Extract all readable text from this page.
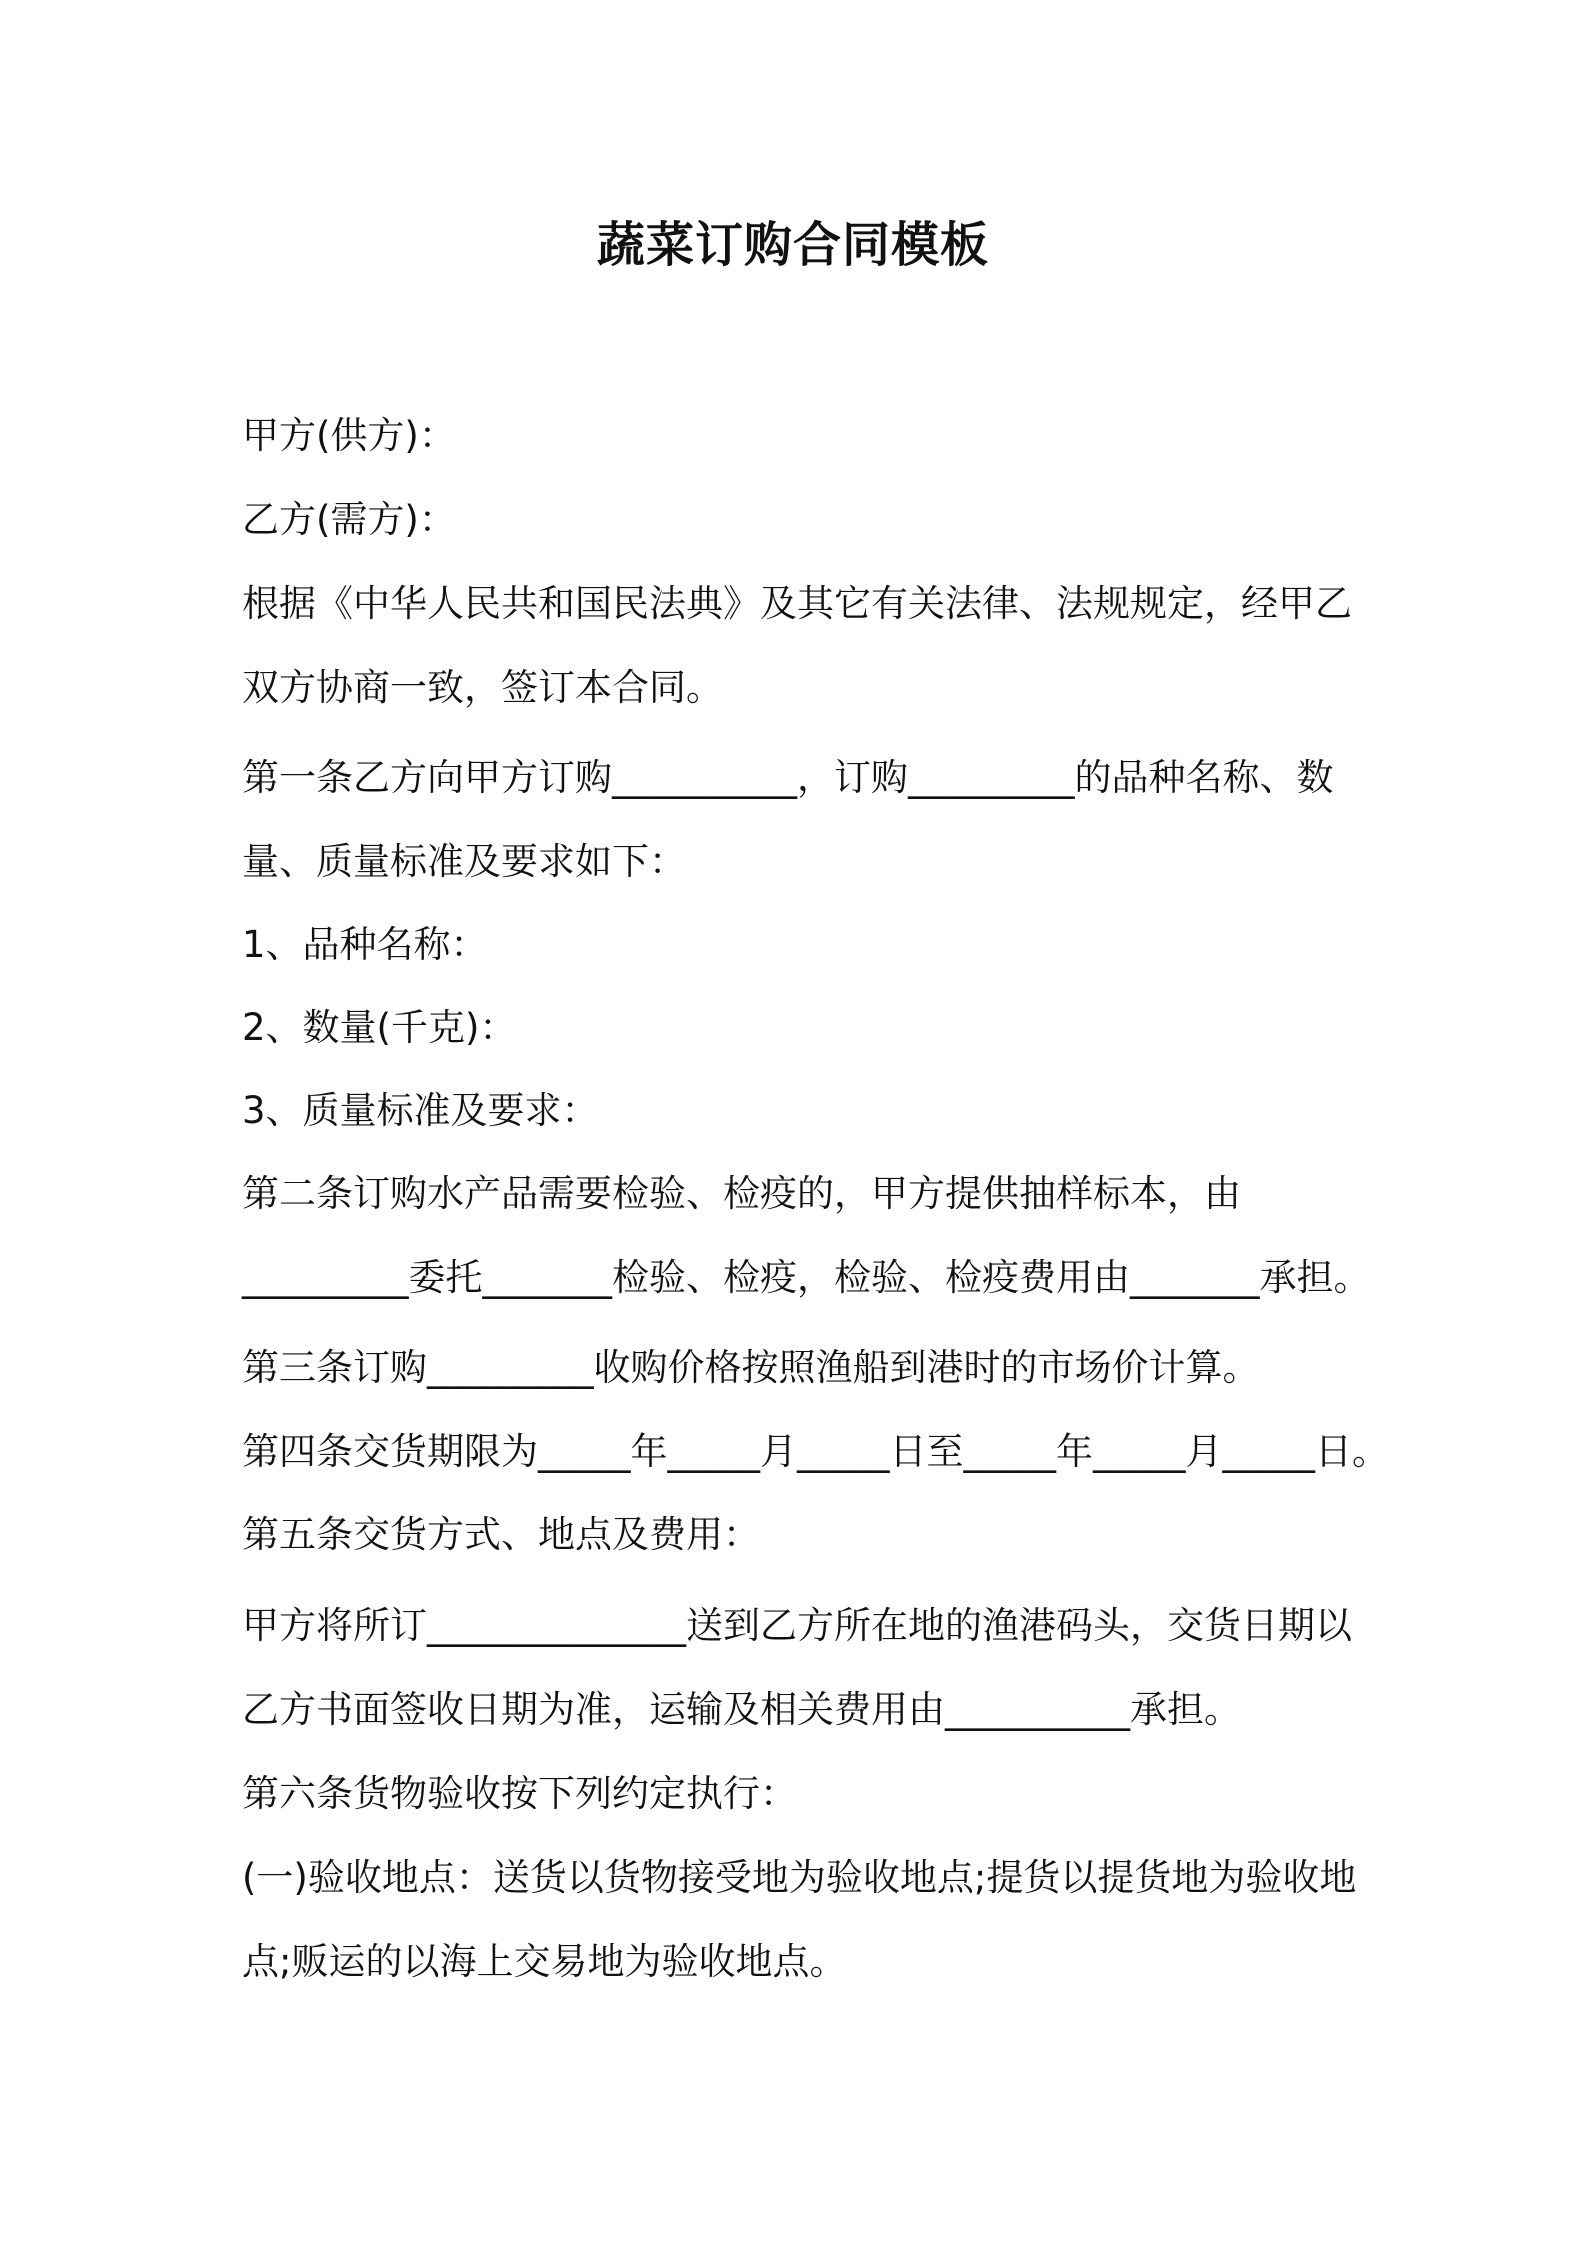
蔬菜订购合同模板

甲方(供方)：

乙方(需方)：

根据《中华人民共和国民法典》及其它有关法律、法规规定，经甲乙

双方协商一致，签订本合同。

第一条乙方向甲方订购__________，订购_________的品种名称、数

量、质量标准及要求如下：

1、品种名称：

2、数量(千克)：

3、质量标准及要求：

第二条订购水产品需要检验、检疫的，甲方提供抽样标本，由

_________委托_______检验、检疫，检验、检疫费用由_______承担。

第三条订购_________收购价格按照渔船到港时的市场价计算。

第四条交货期限为_____年_____月_____日至_____年_____月_____日。

第五条交货方式、地点及费用：

甲方将所订______________送到乙方所在地的渔港码头，交货日期以

乙方书面签收日期为准，运输及相关费用由__________承担。

第六条货物验收按下列约定执行：

(一)验收地点：送货以货物接受地为验收地点;提货以提货地为验收地

点;贩运的以海上交易地为验收地点。
